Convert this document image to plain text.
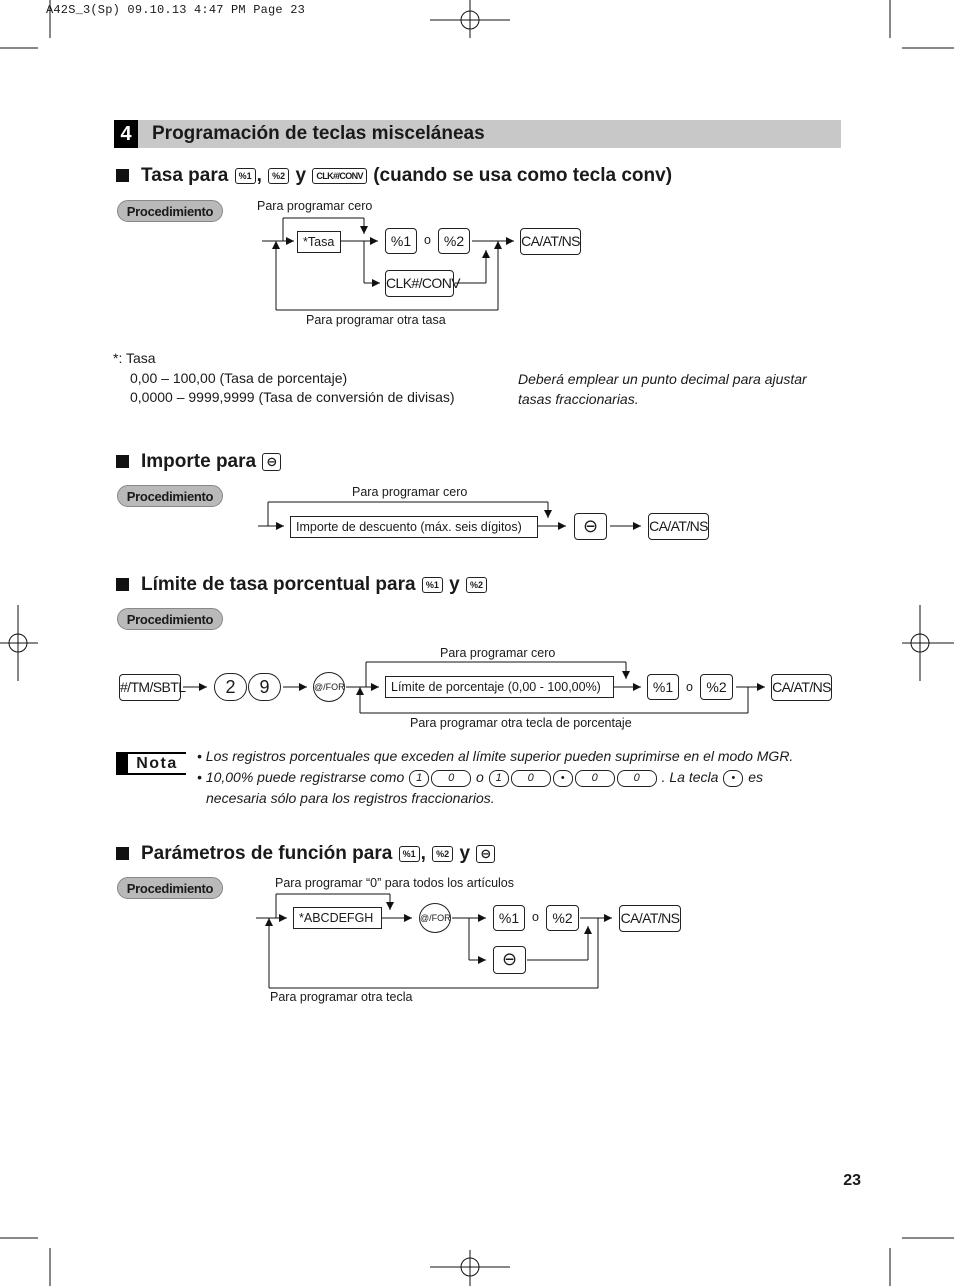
A42S_3(Sp) 09.10.13 4:47 PM Page 23
4	Programación de teclas misceláneas
Tasa para %1 , %2 y CLK#/CONV (cuando se usa como tecla conv)
Procedimiento	Para programar cero
*Tasa	%1	o %2	CA/AT/NS
CLK#/CONV
Para programar otra tasa
*: Tasa
0,00 – 100,00 (Tasa de porcentaje)
0,0000 – 9999,9999 (Tasa de conversión de divisas)
Deberá emplear un punto decimal para ajustar
tasas fraccionarias.
Importe para ⊖
Procedimiento	Para programar cero
Importe de descuento (máx. seis dígitos)	⊖	CA/AT/NS
Límite de tasa porcentual para %1 y %2
Procedimiento
Para programar cero
#/TM/SBTL	2	9	@/FOR	Límite de porcentaje (0,00 - 100,00%)	%1	o %2	CA/AT/NS
Para programar otra tecla de porcentaje
Nota	• Los registros porcentuales que exceden al límite superior pueden suprimirse en el modo MGR.
• 10,00% puede registrarse como 1 0 o 1 0 • 0	0 . La tecla • es
necesaria sólo para los registros fraccionarios.
Parámetros de función para %1 , %2 y ⊖
Procedimiento	Para programar “0” para todos los artículos
*ABCDEFGH	@/FOR	%1	o %2	CA/AT/NS
⊖
Para programar otra tecla
23
